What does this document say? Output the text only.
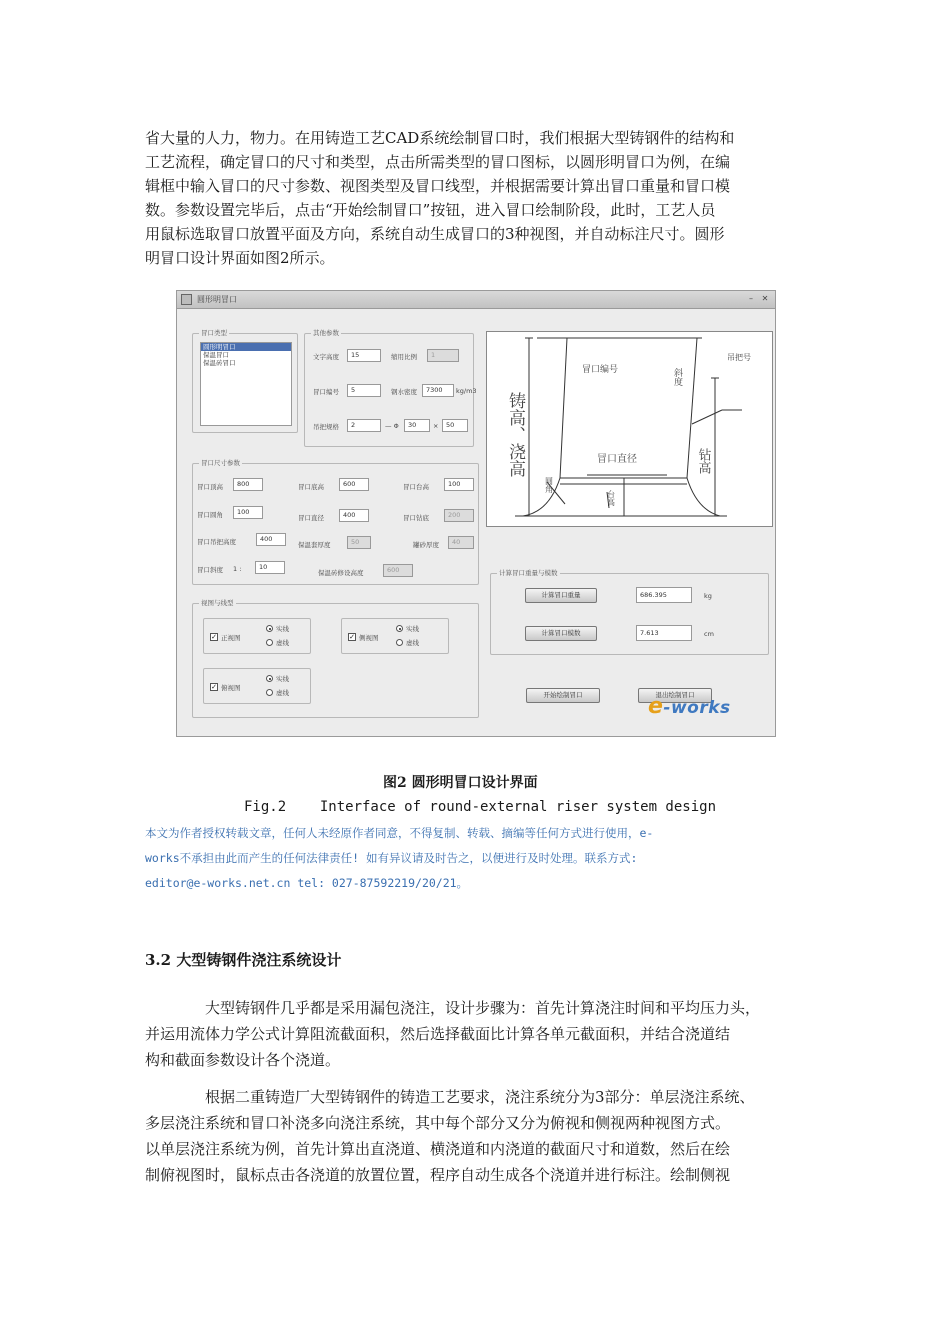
省大量的人力，物力。在用铸造工艺CAD系统绘制冒口时，我们根据大型铸钢件的结构和

工艺流程，确定冒口的尺寸和类型，点击所需类型的冒口图标，以圆形明冒口为例，在编

辑框中输入冒口的尺寸参数、视图类型及冒口线型，并根据需要计算出冒口重量和冒口模

数。参数设置完毕后，点击“开始绘制冒口”按钮，进入冒口绘制阶段，此时，工艺人员

用鼠标选取冒口放置平面及方向，系统自动生成冒口的3种视图，并自动标注尺寸。圆形

明冒口设计界面如图2所示。

圆形明冒口	–	✕
冒口类型
圆形明冒口
保温冒口
保温砖冒口
其他参数
文字高度	15	缩用比例	1
冒口编号	5	钢水密度	7300	kg/m3
吊把规格	2	— Φ	30	×	50
冒口尺寸参数
冒口顶高	800	冒口底高	600	冒口台高	100
冒口圆角	100
冒口直径	400	冒口钻底	200
冒口吊把高度	400
保温套厚度	50	罐砂厚度	40
冒口斜度 1 :	10
保温砖修设高度	600
视图与线型
✓ 正视图
实线
虚线
✓ 侧视图
实线
虚线
✓ 俯视图
实线
虚线
铸高、浇高
冒口编号	斜度
吊把号
冒口直径	钻高
圆角
台高
计算冒口重量与模数
计算冒口重量	686.395	kg
计算冒口模数	7.613	cm
开始绘制冒口	退出绘制冒口
e-works
图2 圆形明冒口设计界面
Fig.2    Interface of round-external riser system design
本文为作者授权转载文章，任何人未经原作者同意，不得复制、转载、摘编等任何方式进行使用，e-
works不承担由此而产生的任何法律责任! 如有异议请及时告之，以便进行及时处理。联系方式:
editor@e-works.net.cn tel: 027-87592219/20/21。
3.2 大型铸钢件浇注系统设计

大型铸钢件几乎都是采用漏包浇注，设计步骤为：首先计算浇注时间和平均压力头，

并运用流体力学公式计算阻流截面积，然后选择截面比计算各单元截面积，并结合浇道结

构和截面参数设计各个浇道。

根据二重铸造厂大型铸钢件的铸造工艺要求，浇注系统分为3部分：单层浇注系统、

多层浇注系统和冒口补浇多向浇注系统，其中每个部分又分为俯视和侧视两种视图方式。

以单层浇注系统为例，首先计算出直浇道、横浇道和内浇道的截面尺寸和道数，然后在绘

制俯视图时，鼠标点击各浇道的放置位置，程序自动生成各个浇道并进行标注。绘制侧视
